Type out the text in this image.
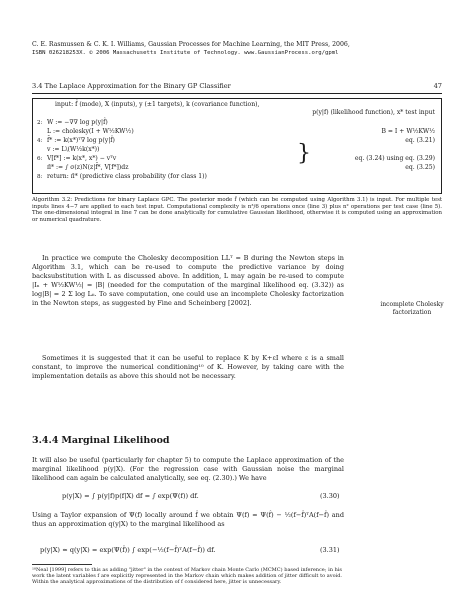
C. E. Rasmussen & C. K. I. Williams, Gaussian Processes for Machine Learning, the MIT Press, 2006,
ISBN 026218253X. © 2006 Massachusetts Institute of Technology. www.GaussianProcess.org/gpml
3.4 The Laplace Approximation for the Binary GP Classifier	47
input: f̂ (mode), X (inputs), y (±1 targets), k (covariance function),
p(y|f) (likelihood function), x* test input
2: W := −∇∇ log p(y|f̂)
L := cholesky(I + W½KW½)	B = I + W½KW½
4: f̄* := k(x*)ᵀ∇ log p(y|f̂)	eq. (3.21)
v := L\(W½k(x*))
6: V[f*] := k(x*, x*) − vᵀv	eq. (3.24) using eq. (3.29)
}
π̄* := ∫ σ(z)N(z|f̄*, V[f*])dz	eq. (3.25)
8: return: π̄* (predictive class probability (for class 1))
Algorithm 3.2: Predictions for binary Laplace GPC. The posterior mode f̂ (which can be computed using Algorithm 3.1) is input. For multiple test inputs lines 4−7 are applied to each test input. Computational complexity is n³/6 operations once (line 3) plus n² operations per test case (line 5). The one-dimensional integral in line 7 can be done analytically for cumulative Gaussian likelihood, otherwise it is computed using an approximation or numerical quadrature.
In practice we compute the Cholesky decomposition LLᵀ = B during the Newton steps in Algorithm 3.1, which can be re-used to compute the predictive variance by doing backsubstitution with L as discussed above. In addition, L may again be re-used to compute |Iₙ + W½KW½| = |B| (needed for the computation of the marginal likelihood eq. (3.32)) as log|B| = 2 Σ log Lᵢᵢ. To save computation, one could use an incomplete Cholesky factorization in the Newton steps, as suggested by Fine and Scheinberg [2002].	incomplete Cholesky factorization
Sometimes it is suggested that it can be useful to replace K by K+εI where ε is a small constant, to improve the numerical conditioning¹⁰ of K. However, by taking care with the implementation details as above this should not be necessary.
3.4.4 Marginal Likelihood
It will also be useful (particularly for chapter 5) to compute the Laplace approximation of the marginal likelihood p(y|X). (For the regression case with Gaussian noise the marginal likelihood can again be calculated analytically, see eq. (2.30).) We have
p(y|X) = ∫ p(y|f)p(f|X) df = ∫ exp(Ψ(f)) df.	(3.30)
Using a Taylor expansion of Ψ(f) locally around f̂ we obtain Ψ(f) ≃ Ψ(f̂) − ½(f−f̂)ᵀA(f−f̂) and thus an approximation q(y|X) to the marginal likelihood as
p(y|X) ≃ q(y|X) = exp(Ψ(f̂)) ∫ exp(−½(f−f̂)ᵀA(f−f̂)) df.	(3.31)
¹⁰Neal [1999] refers to this as adding "jitter" in the context of Markov chain Monte Carlo (MCMC) based inference; in his work the latent variables f are explicitly represented in the Markov chain which makes addition of jitter difficult to avoid. Within the analytical approximations of the distribution of f considered here, jitter is unnecessary.
